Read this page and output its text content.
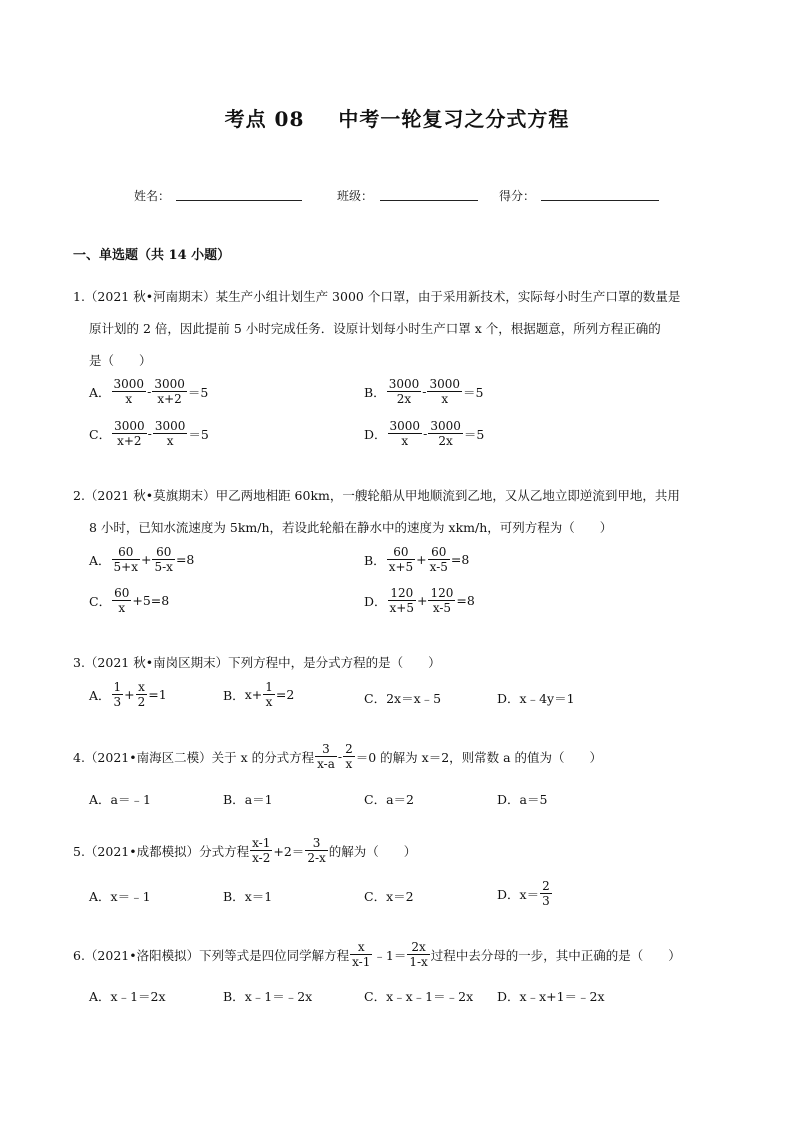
考点 08 中考一轮复习之分式方程
姓名：	班级：	得分：
一、单选题（共 14 小题）
1.（2021 秋•河南期末）某生产小组计划生产 3000 个口罩，由于采用新技术，实际每小时生产口罩的数量是
原计划的 2 倍，因此提前 5 小时完成任务．设原计划每小时生产口罩 x 个，根据题意，所列方程正确的
是（　　）
A． $\frac{3000}{x} - \frac{3000}{x+2} =5$	B． $\frac{3000}{2x} - \frac{3000}{x} =5$
C． $\frac{3000}{x+2} - \frac{3000}{x} =5$	D． $\frac{3000}{x} - \frac{3000}{2x} =5$
2.（2021 秋•莫旗期末）甲乙两地相距 60km，一艘轮船从甲地顺流到乙地，又从乙地立即逆流到甲地，共用
8 小时，已知水流速度为 5km/h，若设此轮船在静水中的速度为 xkm/h，可列方程为（　　）
A． $\frac{60}{5+x} + \frac{60}{5-x} =8$	B． $\frac{60}{x+5} + \frac{60}{x-5} =8$
C． $\frac{60}{x} +5=8$	D． $\frac{120}{x+5} + \frac{120}{x-5} =8$
3.（2021 秋•南岗区期末）下列方程中，是分式方程的是（　　）
A． $\frac{1}{3} + \frac{x}{2} =1$	B． $x+ \frac{1}{x} =2$	C．2x＝x﹣5	D．x﹣4y＝1
4.（2021•南海区二模）关于 x 的分式方程 $\frac{3}{x-a} - \frac{2}{x} =0$ 的解为 x＝2，则常数 a 的值为（　　）
A．a＝﹣1	B．a＝1	C．a＝2	D．a＝5
5.（2021•成都模拟）分式方程 $\frac{x-1}{x-2} +2= \frac{3}{2-x}$ 的解为（　　）
A．x＝﹣1	B．x＝1	C．x＝2	D． $x= \frac{2}{3}$
6.（2021•洛阳模拟）下列等式是四位同学解方程 $\frac{x}{x-1}$ ﹣1＝ $\frac{2x}{1-x}$ 过程中去分母的一步，其中正确的是（　　）
A．x﹣1＝2x	B．x﹣1＝﹣2x	C．x﹣x﹣1＝﹣2x D．x﹣x+1＝﹣2x
